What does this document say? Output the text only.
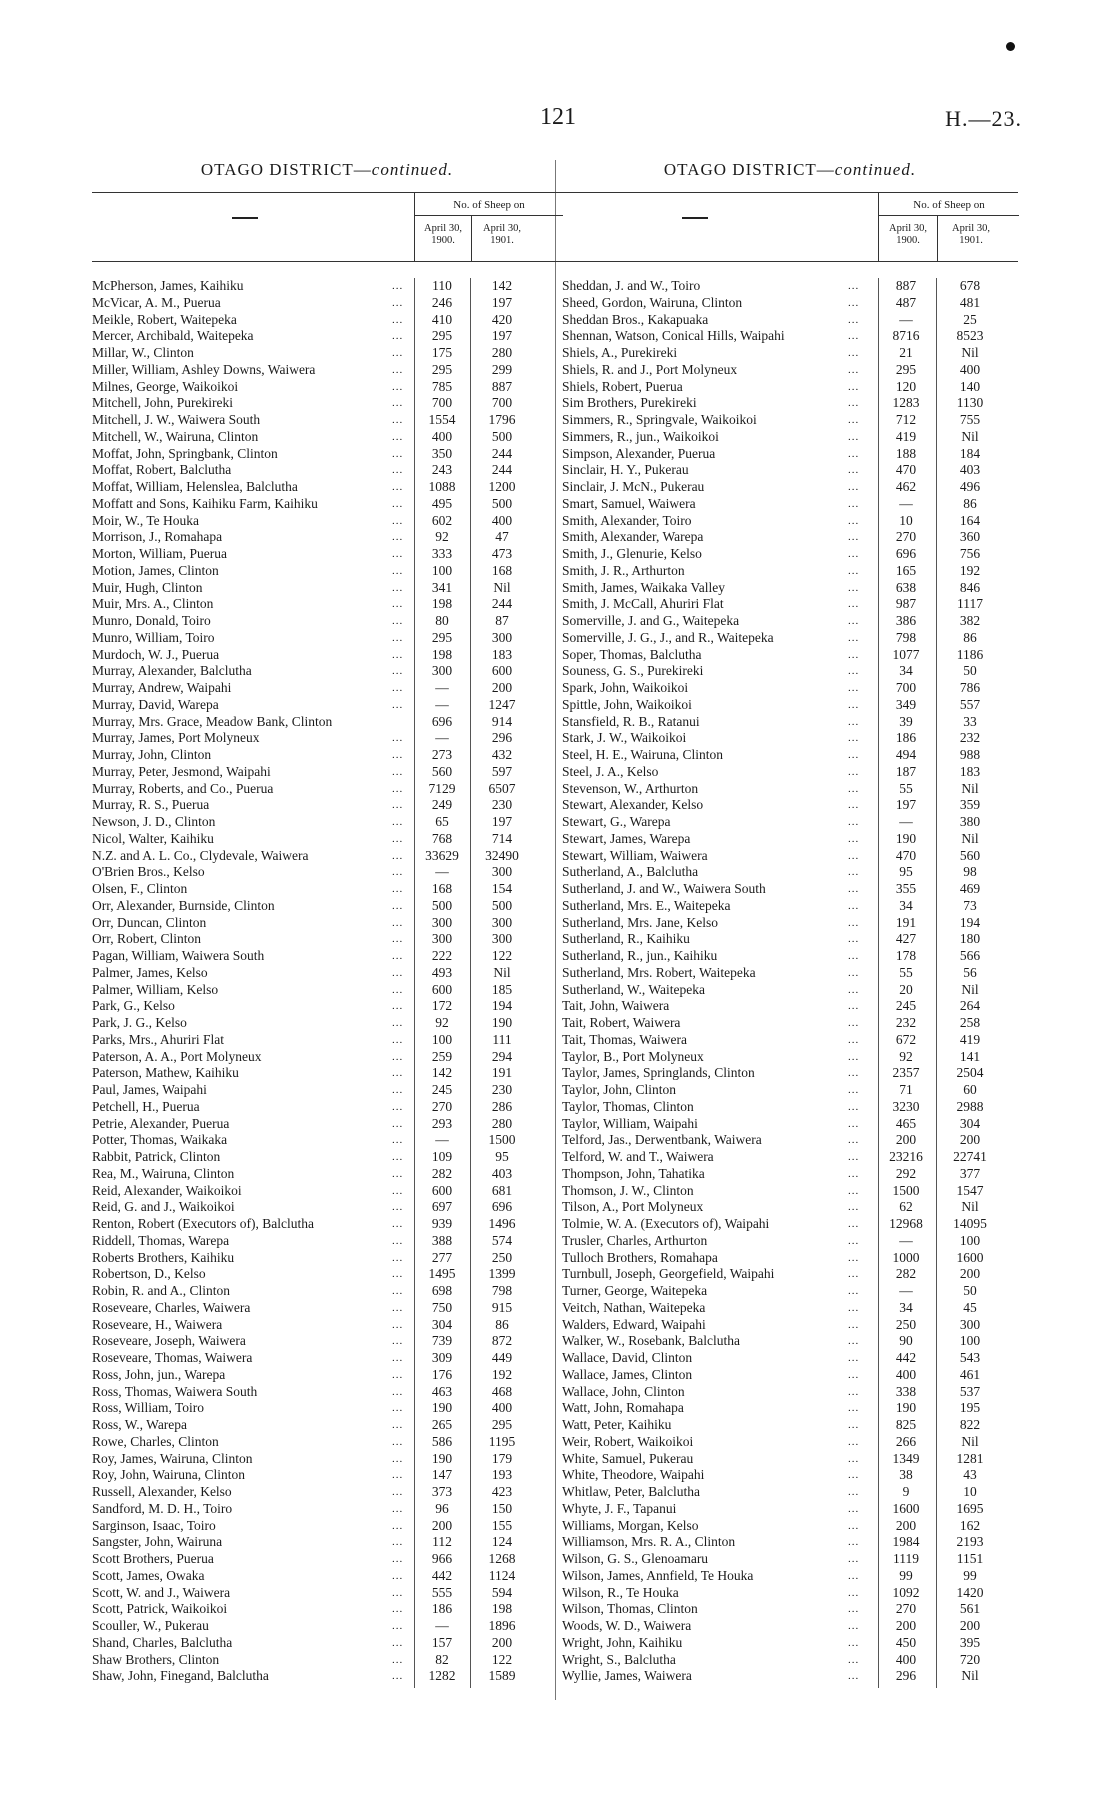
121	H.—23.
OTAGO DISTRICT—continued.
No. of Sheep on
April 30, 1900.
April 30, 1901.
McPherson, James, Kaihiku	...	110	142
McVicar, A. M., Puerua	...	246	197
Meikle, Robert, Waitepeka	...	410	420
Mercer, Archibald, Waitepeka	...	295	197
Millar, W., Clinton	...	175	280
Miller, William, Ashley Downs, Waiwera	...	295	299
Milnes, George, Waikoikoi	...	785	887
Mitchell, John, Purekireki	...	700	700
Mitchell, J. W., Waiwera South	...	1554	1796
Mitchell, W., Wairuna, Clinton	...	400	500
Moffat, John, Springbank, Clinton	...	350	244
Moffat, Robert, Balclutha	...	243	244
Moffat, William, Helenslea, Balclutha	...	1088	1200
Moffatt and Sons, Kaihiku Farm, Kaihiku	...	495	500
Moir, W., Te Houka	...	602	400
Morrison, J., Romahapa	...	92	47
Morton, William, Puerua	...	333	473
Motion, James, Clinton	...	100	168
Muir, Hugh, Clinton	...	341	Nil
Muir, Mrs. A., Clinton	...	198	244
Munro, Donald, Toiro	...	80	87
Munro, William, Toiro	...	295	300
Murdoch, W. J., Puerua	...	198	183
Murray, Alexander, Balclutha	...	300	600
Murray, Andrew, Waipahi	...	—	200
Murray, David, Warepa	...	—	1247
Murray, Mrs. Grace, Meadow Bank, Clinton	696	914
Murray, James, Port Molyneux	...	—	296
Murray, John, Clinton	...	273	432
Murray, Peter, Jesmond, Waipahi	...	560	597
Murray, Roberts, and Co., Puerua	...	7129	6507
Murray, R. S., Puerua	...	249	230
Newson, J. D., Clinton	...	65	197
Nicol, Walter, Kaihiku	...	768	714
N.Z. and A. L. Co., Clydevale, Waiwera	...	33629	32490
O'Brien Bros., Kelso	...	—	300
Olsen, F., Clinton	...	168	154
Orr, Alexander, Burnside, Clinton	...	500	500
Orr, Duncan, Clinton	...	300	300
Orr, Robert, Clinton	...	300	300
Pagan, William, Waiwera South	...	222	122
Palmer, James, Kelso	...	493	Nil
Palmer, William, Kelso	...	600	185
Park, G., Kelso	...	172	194
Park, J. G., Kelso	...	92	190
Parks, Mrs., Ahuriri Flat	...	100	111
Paterson, A. A., Port Molyneux	...	259	294
Paterson, Mathew, Kaihiku	...	142	191
Paul, James, Waipahi	...	245	230
Petchell, H., Puerua	...	270	286
Petrie, Alexander, Puerua	...	293	280
Potter, Thomas, Waikaka	...	—	1500
Rabbit, Patrick, Clinton	...	109	95
Rea, M., Wairuna, Clinton	...	282	403
Reid, Alexander, Waikoikoi	...	600	681
Reid, G. and J., Waikoikoi	...	697	696
Renton, Robert (Executors of), Balclutha	...	939	1496
Riddell, Thomas, Warepa	...	388	574
Roberts Brothers, Kaihiku	...	277	250
Robertson, D., Kelso	...	1495	1399
Robin, R. and A., Clinton	...	698	798
Roseveare, Charles, Waiwera	...	750	915
Roseveare, H., Waiwera	...	304	86
Roseveare, Joseph, Waiwera	...	739	872
Roseveare, Thomas, Waiwera	...	309	449
Ross, John, jun., Warepa	...	176	192
Ross, Thomas, Waiwera South	...	463	468
Ross, William, Toiro	...	190	400
Ross, W., Warepa	...	265	295
Rowe, Charles, Clinton	...	586	1195
Roy, James, Wairuna, Clinton	...	190	179
Roy, John, Wairuna, Clinton	...	147	193
Russell, Alexander, Kelso	...	373	423
Sandford, M. D. H., Toiro	...	96	150
Sarginson, Isaac, Toiro	...	200	155
Sangster, John, Wairuna	...	112	124
Scott Brothers, Puerua	...	966	1268
Scott, James, Owaka	...	442	1124
Scott, W. and J., Waiwera	...	555	594
Scott, Patrick, Waikoikoi	...	186	198
Scouller, W., Pukerau	...	—	1896
Shand, Charles, Balclutha	...	157	200
Shaw Brothers, Clinton	...	82	122
Shaw, John, Finegand, Balclutha	...	1282	1589
OTAGO DISTRICT—continued.
No. of Sheep on
April 30, 1900.
April 30, 1901.
Sheddan, J. and W., Toiro	...	887	678
Sheed, Gordon, Wairuna, Clinton	...	487	481
Sheddan Bros., Kakapuaka	...	—	25
Shennan, Watson, Conical Hills, Waipahi	...	8716	8523
Shiels, A., Purekireki	...	21	Nil
Shiels, R. and J., Port Molyneux	...	295	400
Shiels, Robert, Puerua	...	120	140
Sim Brothers, Purekireki	...	1283	1130
Simmers, R., Springvale, Waikoikoi	...	712	755
Simmers, R., jun., Waikoikoi	...	419	Nil
Simpson, Alexander, Puerua	...	188	184
Sinclair, H. Y., Pukerau	...	470	403
Sinclair, J. McN., Pukerau	...	462	496
Smart, Samuel, Waiwera	...	—	86
Smith, Alexander, Toiro	...	10	164
Smith, Alexander, Warepa	...	270	360
Smith, J., Glenurie, Kelso	...	696	756
Smith, J. R., Arthurton	...	165	192
Smith, James, Waikaka Valley	...	638	846
Smith, J. McCall, Ahuriri Flat	...	987	1117
Somerville, J. and G., Waitepeka	...	386	382
Somerville, J. G., J., and R., Waitepeka	...	798	86
Soper, Thomas, Balclutha	...	1077	1186
Souness, G. S., Purekireki	...	34	50
Spark, John, Waikoikoi	...	700	786
Spittle, John, Waikoikoi	...	349	557
Stansfield, R. B., Ratanui	...	39	33
Stark, J. W., Waikoikoi	...	186	232
Steel, H. E., Wairuna, Clinton	...	494	988
Steel, J. A., Kelso	...	187	183
Stevenson, W., Arthurton	...	55	Nil
Stewart, Alexander, Kelso	...	197	359
Stewart, G., Warepa	...	—	380
Stewart, James, Warepa	...	190	Nil
Stewart, William, Waiwera	...	470	560
Sutherland, A., Balclutha	...	95	98
Sutherland, J. and W., Waiwera South	...	355	469
Sutherland, Mrs. E., Waitepeka	...	34	73
Sutherland, Mrs. Jane, Kelso	...	191	194
Sutherland, R., Kaihiku	...	427	180
Sutherland, R., jun., Kaihiku	...	178	566
Sutherland, Mrs. Robert, Waitepeka	...	55	56
Sutherland, W., Waitepeka	...	20	Nil
Tait, John, Waiwera	...	245	264
Tait, Robert, Waiwera	...	232	258
Tait, Thomas, Waiwera	...	672	419
Taylor, B., Port Molyneux	...	92	141
Taylor, James, Springlands, Clinton	...	2357	2504
Taylor, John, Clinton	...	71	60
Taylor, Thomas, Clinton	...	3230	2988
Taylor, William, Waipahi	...	465	304
Telford, Jas., Derwentbank, Waiwera	...	200	200
Telford, W. and T., Waiwera	...	23216	22741
Thompson, John, Tahatika	...	292	377
Thomson, J. W., Clinton	...	1500	1547
Tilson, A., Port Molyneux	...	62	Nil
Tolmie, W. A. (Executors of), Waipahi	...	12968	14095
Trusler, Charles, Arthurton	...	—	100
Tulloch Brothers, Romahapa	...	1000	1600
Turnbull, Joseph, Georgefield, Waipahi	...	282	200
Turner, George, Waitepeka	...	—	50
Veitch, Nathan, Waitepeka	...	34	45
Walders, Edward, Waipahi	...	250	300
Walker, W., Rosebank, Balclutha	...	90	100
Wallace, David, Clinton	...	442	543
Wallace, James, Clinton	...	400	461
Wallace, John, Clinton	...	338	537
Watt, John, Romahapa	...	190	195
Watt, Peter, Kaihiku	...	825	822
Weir, Robert, Waikoikoi	...	266	Nil
White, Samuel, Pukerau	...	1349	1281
White, Theodore, Waipahi	...	38	43
Whitlaw, Peter, Balclutha	...	9	10
Whyte, J. F., Tapanui	...	1600	1695
Williams, Morgan, Kelso	...	200	162
Williamson, Mrs. R. A., Clinton	...	1984	2193
Wilson, G. S., Glenoamaru	...	1119	1151
Wilson, James, Annfield, Te Houka	...	99	99
Wilson, R., Te Houka	...	1092	1420
Wilson, Thomas, Clinton	...	270	561
Woods, W. D., Waiwera	...	200	200
Wright, John, Kaihiku	...	450	395
Wright, S., Balclutha	...	400	720
Wyllie, James, Waiwera	...	296	Nil
